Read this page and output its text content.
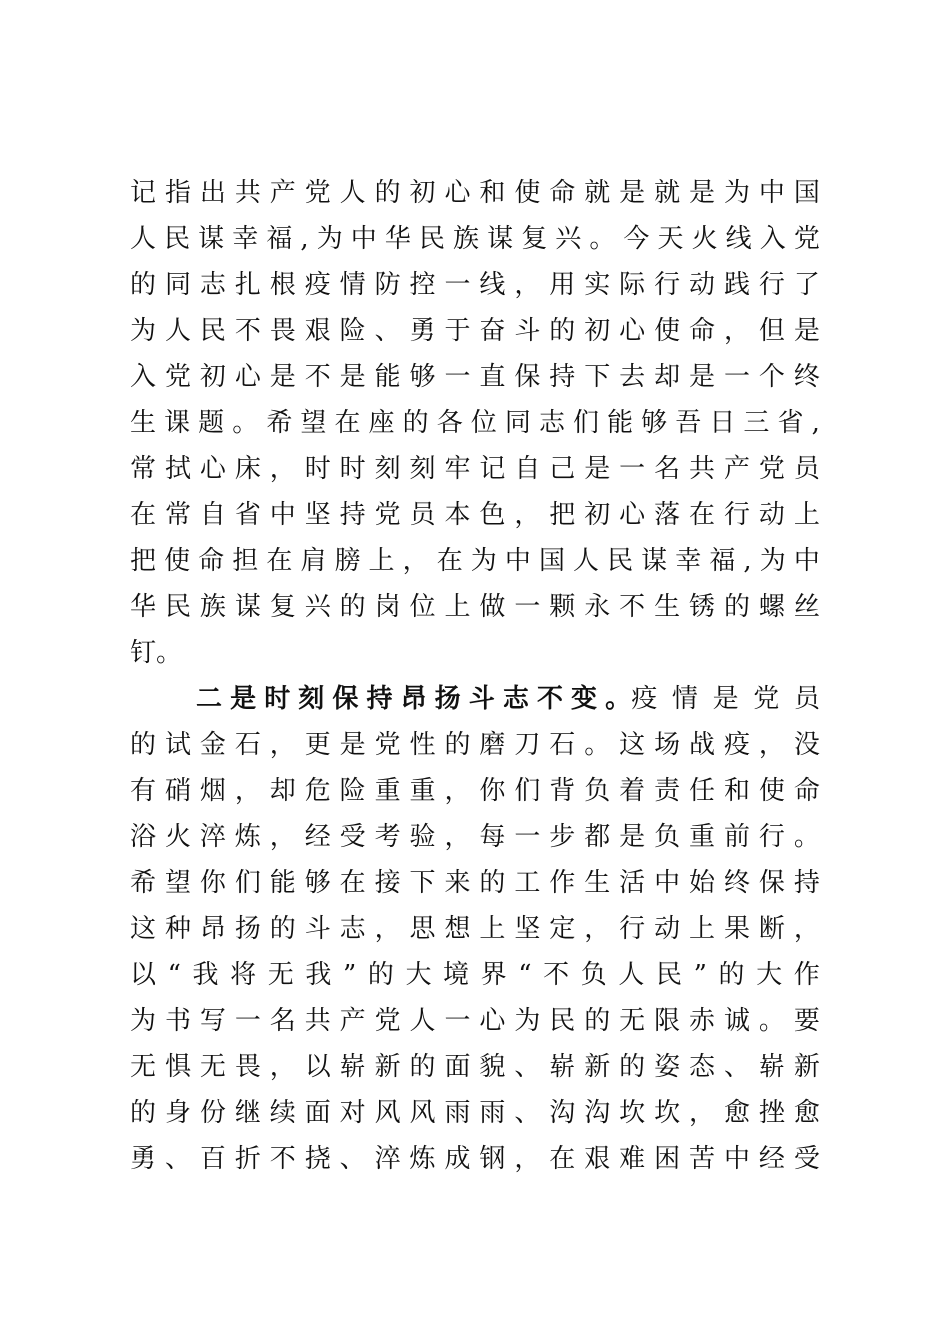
记 指 出 共 产 党 人 的 初 心 和 使 命 就 是 就 是 为 中 国
人 民 谋 幸 福 , 为 中 华 民 族 谋 复 兴 。 今 天 火 线 入 党
的 同 志 扎 根 疫 情 防 控 一 线 ， 用 实 际 行 动 践 行 了
为 人 民 不 畏 艰 险 、 勇 于 奋 斗 的 初 心 使 命 ， 但 是
入 党 初 心 是 不 是 能 够 一 直 保 持 下 去 却 是 一 个 终
生 课 题 。 希 望 在 座 的 各 位 同 志 们 能 够 吾 日 三 省 ,
常 拭 心 床 ， 时 时 刻 刻 牢 记 自 己 是 一 名 共 产 党 员
在 常 自 省 中 坚 持 党 员 本 色 ， 把 初 心 落 在 行 动 上
把 使 命 担 在 肩 膀 上 ， 在 为 中 国 人 民 谋 幸 福 , 为 中
华 民 族 谋 复 兴 的 岗 位 上 做 一 颗 永 不 生 锈 的 螺 丝
钉。
二 是 时 刻 保 持 昂 扬 斗 志 不 变 。 疫 情 是 党 员
的 试 金 石 ， 更 是 党 性 的 磨 刀 石 。 这 场 战 疫 ， 没
有 硝 烟 ， 却 危 险 重 重 ， 你 们 背 负 着 责 任 和 使 命
浴 火 淬 炼 ， 经 受 考 验 ， 每 一 步 都 是 负 重 前 行 。
希 望 你 们 能 够 在 接 下 来 的 工 作 生 活 中 始 终 保 持
这 种 昂 扬 的 斗 志 ， 思 想 上 坚 定 ， 行 动 上 果 断 ，
以 “ 我 将 无 我 ” 的 大 境 界 “ 不 负 人 民 ” 的 大 作
为 书 写 一 名 共 产 党 人 一 心 为 民 的 无 限 赤 诚 。 要
无 惧 无 畏 ， 以 崭 新 的 面 貌 、 崭 新 的 姿 态 、 崭 新
的 身 份 继 续 面 对 风 风 雨 雨 、 沟 沟 坎 坎 ， 愈 挫 愈
勇 、 百 折 不 挠 、 淬 炼 成 钢 ， 在 艰 难 困 苦 中 经 受
